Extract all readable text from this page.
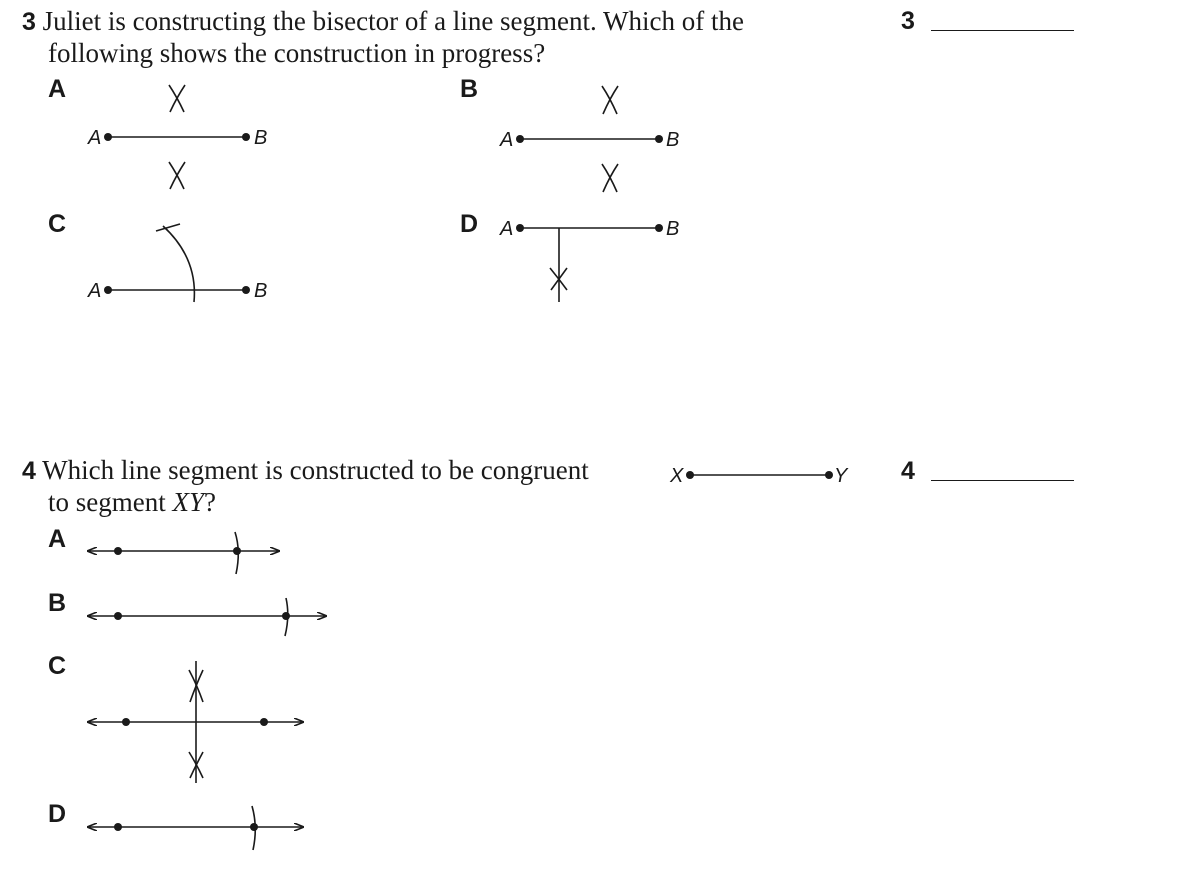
3 Juliet is constructing the bisector of a line segment. Which of the
following shows the construction in progress?
3
A	B
C	D
A	B	A	B
A	B
A	B
4 Which line segment is constructed to be congruent
to segment XY?
4
X	Y
A
B
C
D
